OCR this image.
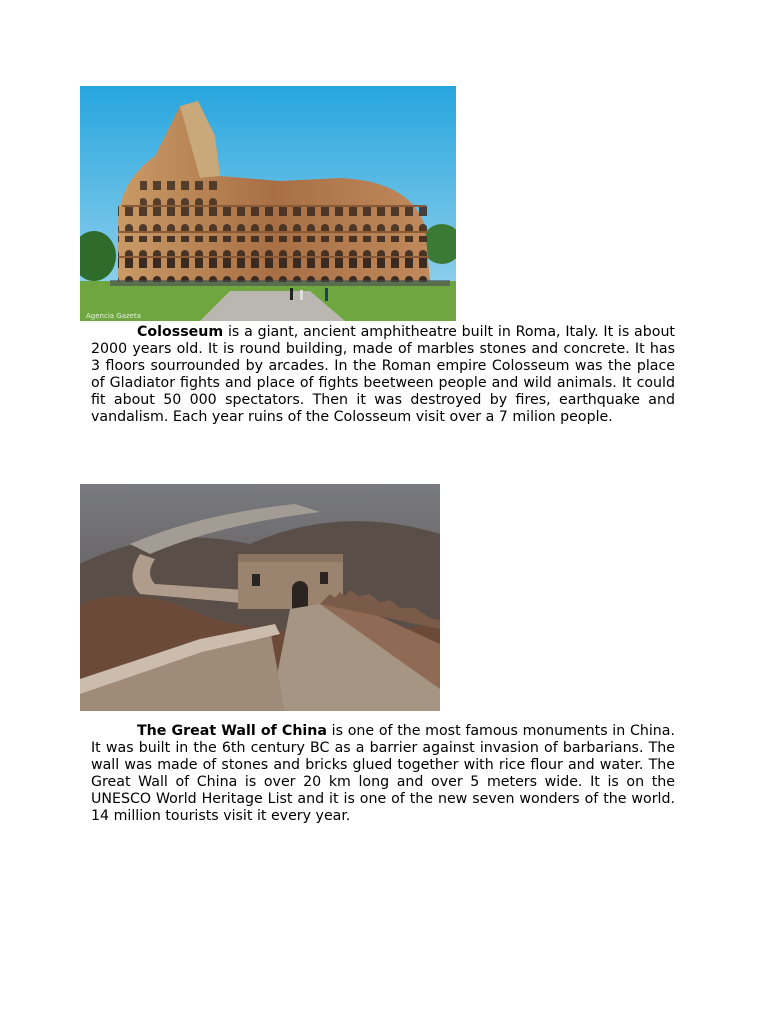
Agencia Gazeta

Colosseum is a giant, ancient amphitheatre built in Roma, Italy. It is about 2000 years old. It is round building, made of marbles stones and concrete. It has 3 floors sourrounded by arcades. In the Roman empire Colosseum was the place of Gladiator fights and place of fights beetween people and wild animals. It could fit about 50 000 spectators. Then it was destroyed by fires, earthquake and vandalism. Each year ruins of the Colosseum visit over a 7 milion people.

The Great Wall of China is one of the most famous monuments in China. It was built in the 6th century BC as a barrier against invasion of barbarians. The wall was made of stones and bricks glued together with rice flour and water. The Great Wall of China is over 20 km long and over 5 meters wide. It is on the UNESCO World Heritage List and it is one of the new seven wonders of the world. 14 million tourists visit it every year.
